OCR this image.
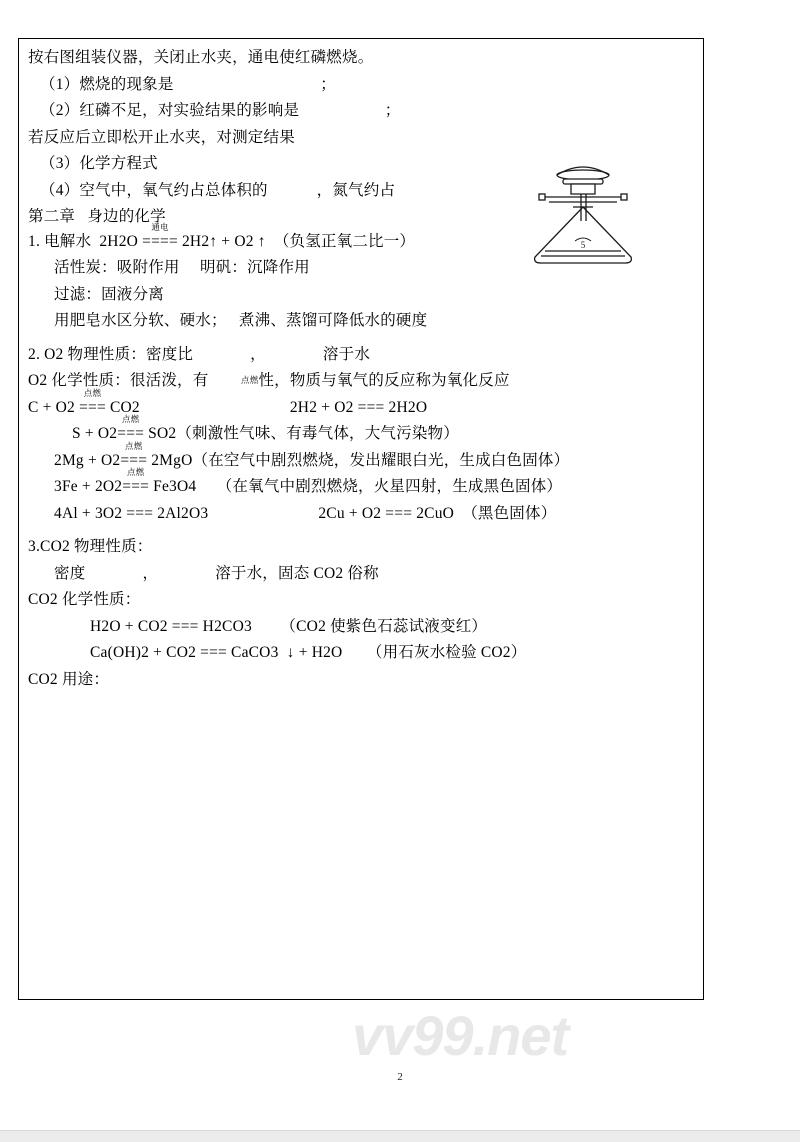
按右图组装仪器，关闭止水夹，通电使红磷燃烧。

（1）燃烧的现象是                                    ；

（2）红磷不足，对实验结果的影响是                     ；

若反应后立即松开止水夹，对测定结果

（3）化学方程式

（4）空气中，氧气约占总体积的            ，氮气约占

第二章   身边的化学

1. 电解水  2H2O
通电
==== 2H2↑ + O2 ↑  （负氢正氧二比一）

活性炭：吸附作用     明矾：沉降作用

过滤：固液分离

用肥皂水区分软、硬水；   煮沸、蒸馏可降低水的硬度

2. O2 物理性质：密度比              ，              溶于水

O2 化学性质：很活泼，有        点燃性，物质与氧气的反应称为氧化反应

C + O2
点燃
=== CO2	2H2 + O2 === 2H2O

S + O2
点燃
=== SO2（刺激性气味、有毒气体，大气污染物）

2Mg + O2
点燃
=== 2MgO（在空气中剧烈燃烧，发出耀眼白光，生成白色固体）

3Fe + 2O2
点燃
=== Fe3O4     （在氧气中剧烈燃烧，火星四射，生成黑色固体）

4Al + 3O2 === 2Al2O3	2Cu + O2 === 2CuO  （黑色固体）

3.CO2 物理性质：

密度              ，              溶于水，固态 CO2 俗称

CO2 化学性质：

H2O + CO2 === H2CO3       （CO2 使紫色石蕊试液变红）

Ca(OH)2 + CO2 === CaCO3  ↓ + H2O      （用石灰水检验 CO2）

CO2 用途：

5
vv99.net
2
